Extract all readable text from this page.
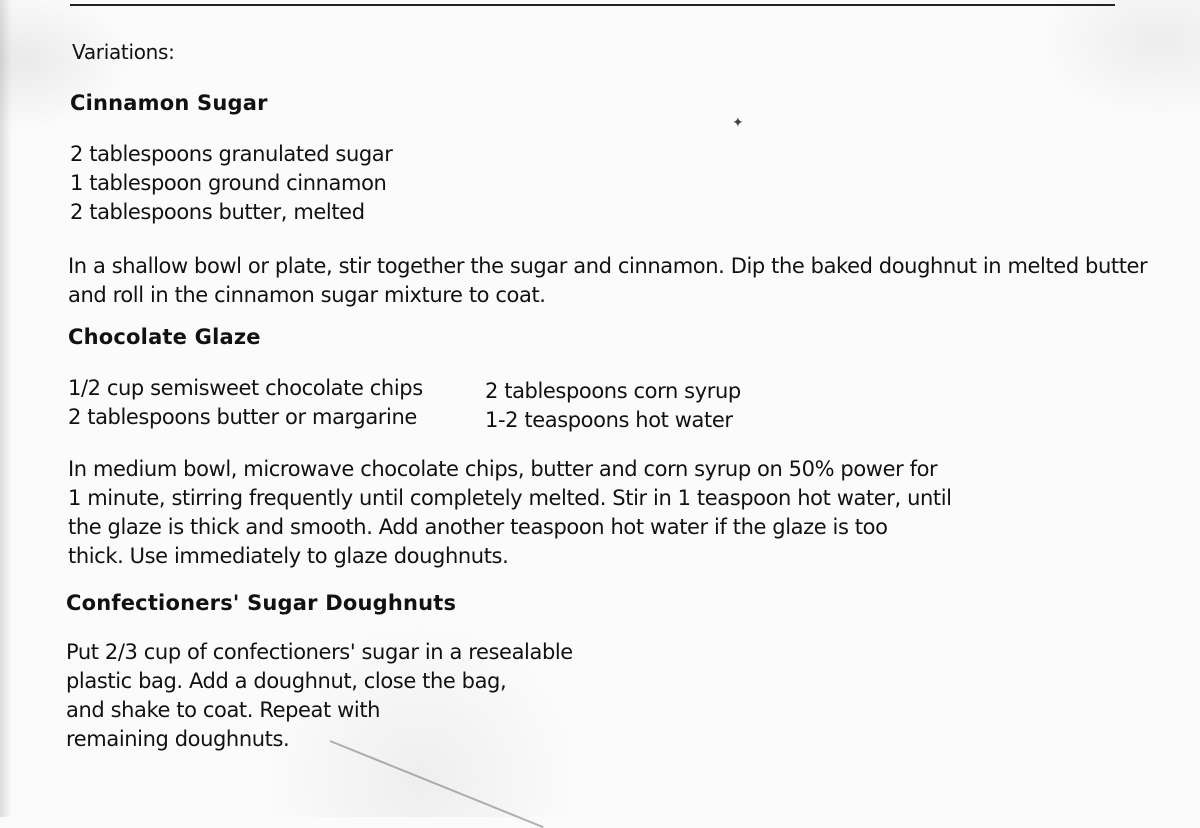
✦

Variations:

Cinnamon Sugar

2 tablespoons granulated sugar
1 tablespoon ground cinnamon
2 tablespoons butter, melted
In a shallow bowl or plate, stir together the sugar and cinnamon. Dip the baked doughnut in melted butter
and roll in the cinnamon sugar mixture to coat.

Chocolate Glaze

1/2 cup semisweet chocolate chips
2 tablespoons butter or margarine
2 tablespoons corn syrup
1-2 teaspoons hot water
In medium bowl, microwave chocolate chips, butter and corn syrup on 50% power for
1 minute, stirring frequently until completely melted. Stir in 1 teaspoon hot water, until
the glaze is thick and smooth. Add another teaspoon hot water if the glaze is too
thick. Use immediately to glaze doughnuts.

Confectioners' Sugar Doughnuts

Put 2/3 cup of confectioners' sugar in a resealable
plastic bag. Add a doughnut, close the bag,
and shake to coat. Repeat with
remaining doughnuts.
